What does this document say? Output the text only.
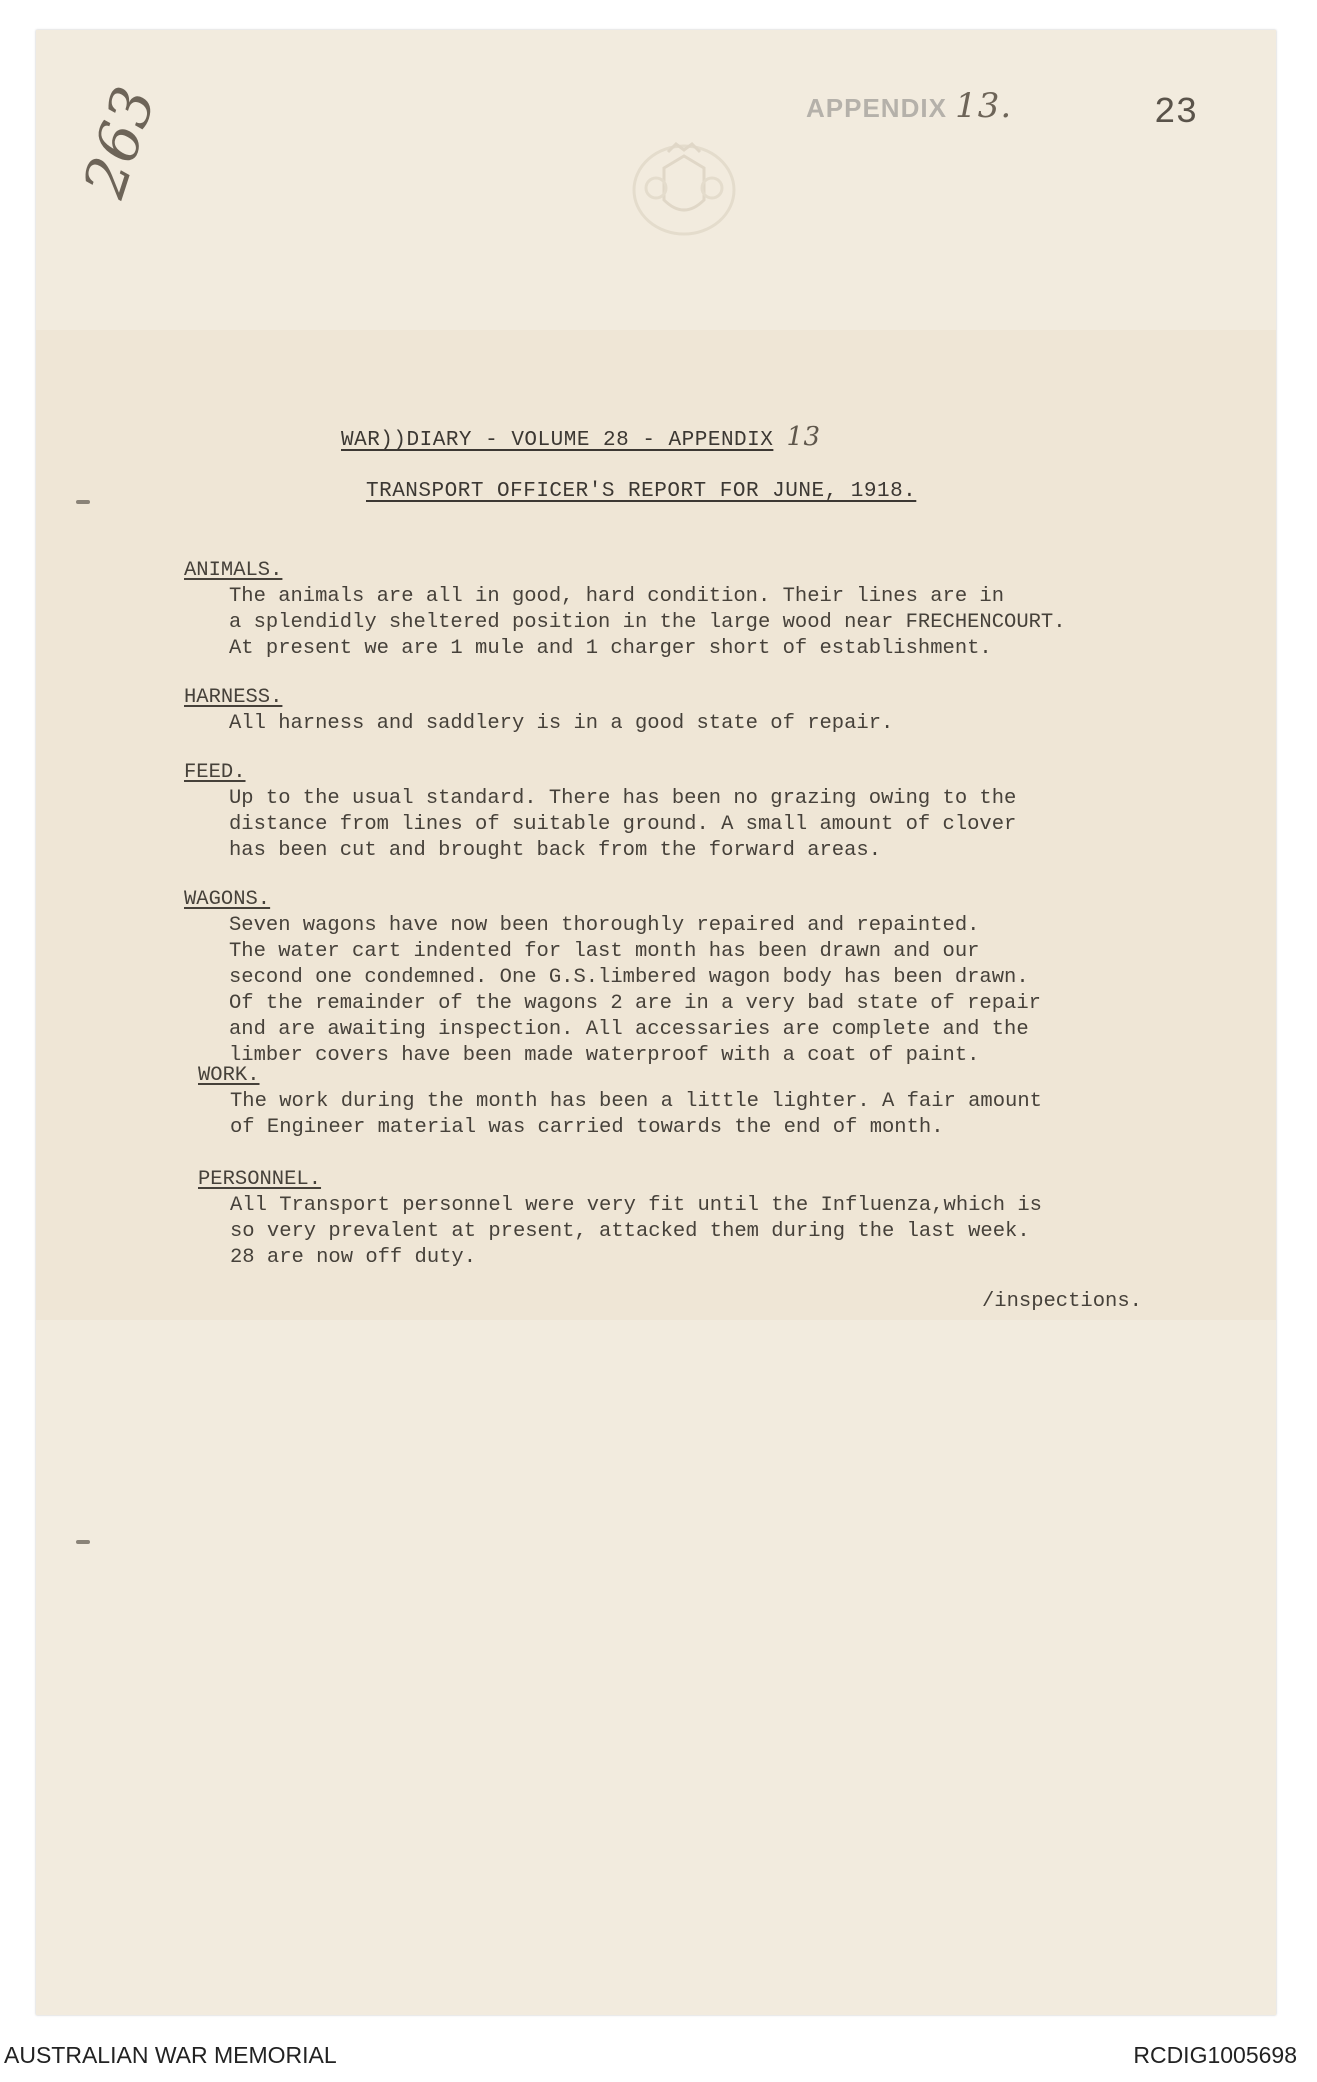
263	APPENDIX 13.	23
WAR))DIARY - VOLUME 28 - APPENDIX 13
TRANSPORT OFFICER'S REPORT FOR JUNE, 1918.
ANIMALS.
The animals are all in good, hard condition. Their lines are in
a splendidly sheltered position in the large wood near FRECHENCOURT.
At present we are 1 mule and 1 charger short of establishment.
HARNESS.
All harness and saddlery is in a good state of repair.
FEED.
Up to the usual standard. There has been no grazing owing to the
distance from lines of suitable ground. A small amount of clover
has been cut and brought back from the forward areas.
WAGONS.
Seven wagons have now been thoroughly repaired and repainted.
The water cart indented for last month has been drawn and our
second one condemned. One G.S.limbered wagon body has been drawn.
Of the remainder of the wagons 2 are in a very bad state of repair
and are awaiting inspection. All accessaries are complete and the
limber covers have been made waterproof with a coat of paint.
WORK.
The work during the month has been a little lighter. A fair amount
of Engineer material was carried towards the end of month.
PERSONNEL.
All Transport personnel were very fit until the Influenza,which is
so very prevalent at present, attacked them during the last week.
28 are now off duty.
/inspections.
AUSTRALIAN WAR MEMORIAL	RCDIG1005698
